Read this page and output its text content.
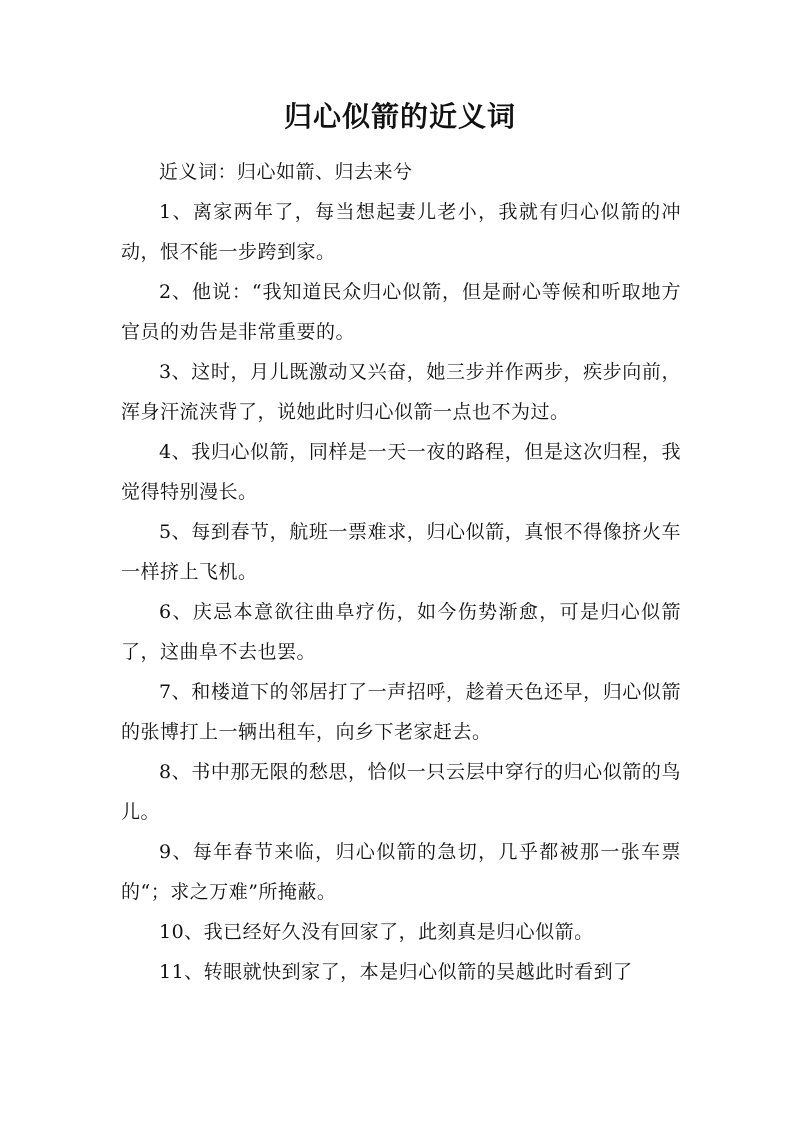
归心似箭的近义词

近义词：归心如箭、归去来兮

1、离家两年了，每当想起妻儿老小，我就有归心似箭的冲动，恨不能一步跨到家。

2、他说：“我知道民众归心似箭，但是耐心等候和听取地方官员的劝告是非常重要的。

3、这时，月儿既激动又兴奋，她三步并作两步，疾步向前，浑身汗流浃背了，说她此时归心似箭一点也不为过。

4、我归心似箭，同样是一天一夜的路程，但是这次归程，我觉得特别漫长。

5、每到春节，航班一票难求，归心似箭，真恨不得像挤火车一样挤上飞机。

6、庆忌本意欲往曲阜疗伤，如今伤势渐愈，可是归心似箭了，这曲阜不去也罢。

7、和楼道下的邻居打了一声招呼，趁着天色还早，归心似箭的张博打上一辆出租车，向乡下老家赶去。

8、书中那无限的愁思，恰似一只云层中穿行的归心似箭的鸟儿。

9、每年春节来临，归心似箭的急切，几乎都被那一张车票的“；求之万难”所掩蔽。

10、我已经好久没有回家了，此刻真是归心似箭。

11、转眼就快到家了，本是归心似箭的吴越此时看到了
